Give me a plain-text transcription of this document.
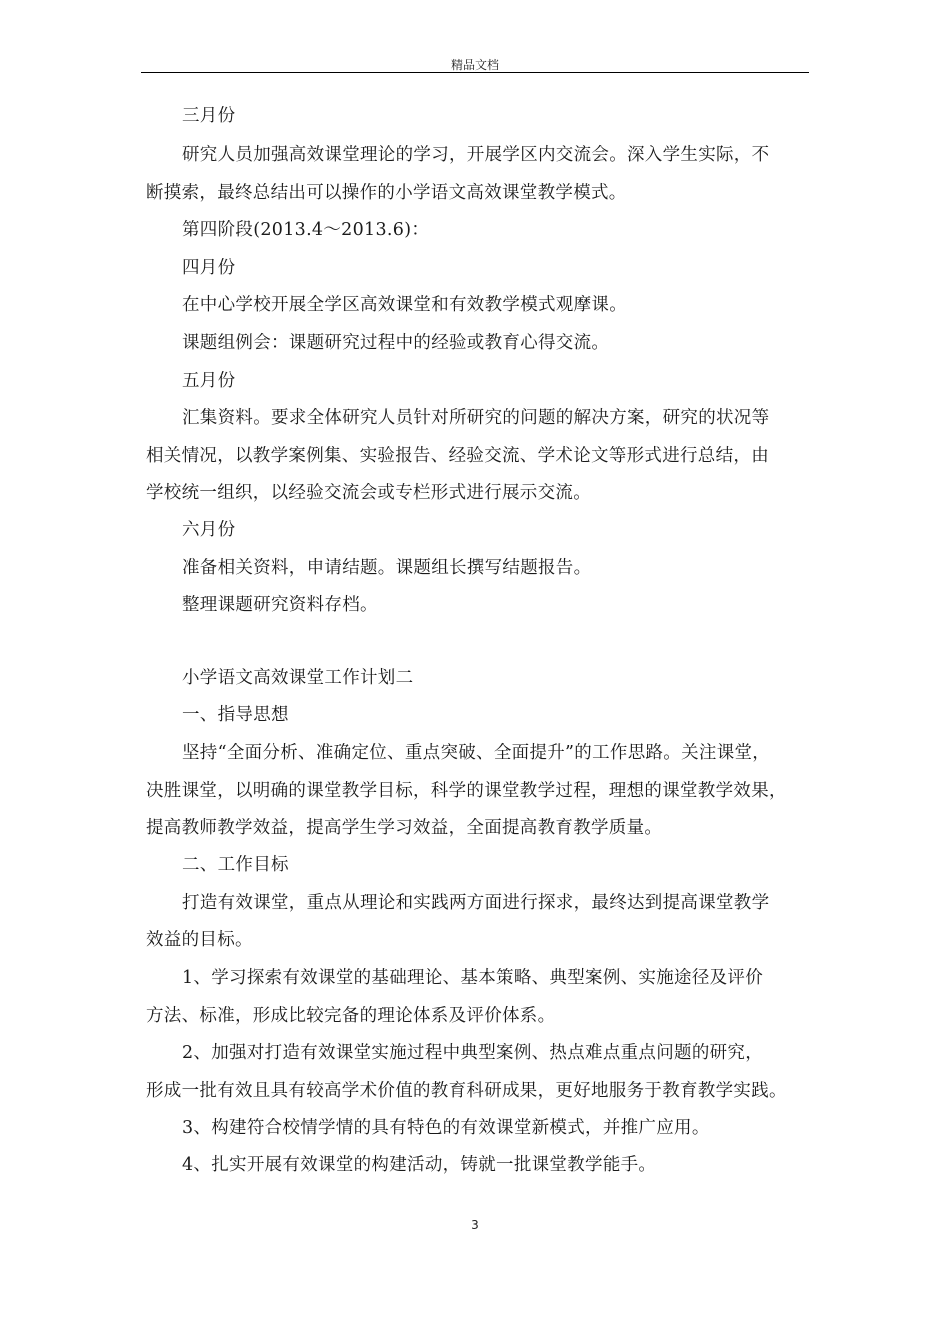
精品文档
三月份
研究人员加强高效课堂理论的学习，开展学区内交流会。深入学生实际，不
断摸索，最终总结出可以操作的小学语文高效课堂教学模式。
第四阶段(2013.4～2013.6)：
四月份
在中心学校开展全学区高效课堂和有效教学模式观摩课。
课题组例会：课题研究过程中的经验或教育心得交流。
五月份
汇集资料。要求全体研究人员针对所研究的问题的解决方案，研究的状况等
相关情况，以教学案例集、实验报告、经验交流、学术论文等形式进行总结，由
学校统一组织，以经验交流会或专栏形式进行展示交流。
六月份
准备相关资料，申请结题。课题组长撰写结题报告。
整理课题研究资料存档。
小学语文高效课堂工作计划二
一、指导思想
坚持“全面分析、准确定位、重点突破、全面提升”的工作思路。关注课堂，
决胜课堂，以明确的课堂教学目标，科学的课堂教学过程，理想的课堂教学效果，
提高教师教学效益，提高学生学习效益，全面提高教育教学质量。
二、工作目标
打造有效课堂，重点从理论和实践两方面进行探求，最终达到提高课堂教学
效益的目标。
1、学习探索有效课堂的基础理论、基本策略、典型案例、实施途径及评价
方法、标准，形成比较完备的理论体系及评价体系。
2、加强对打造有效课堂实施过程中典型案例、热点难点重点问题的研究，
形成一批有效且具有较高学术价值的教育科研成果，更好地服务于教育教学实践。
3、构建符合校情学情的具有特色的有效课堂新模式，并推广应用。
4、扎实开展有效课堂的构建活动，铸就一批课堂教学能手。
3
